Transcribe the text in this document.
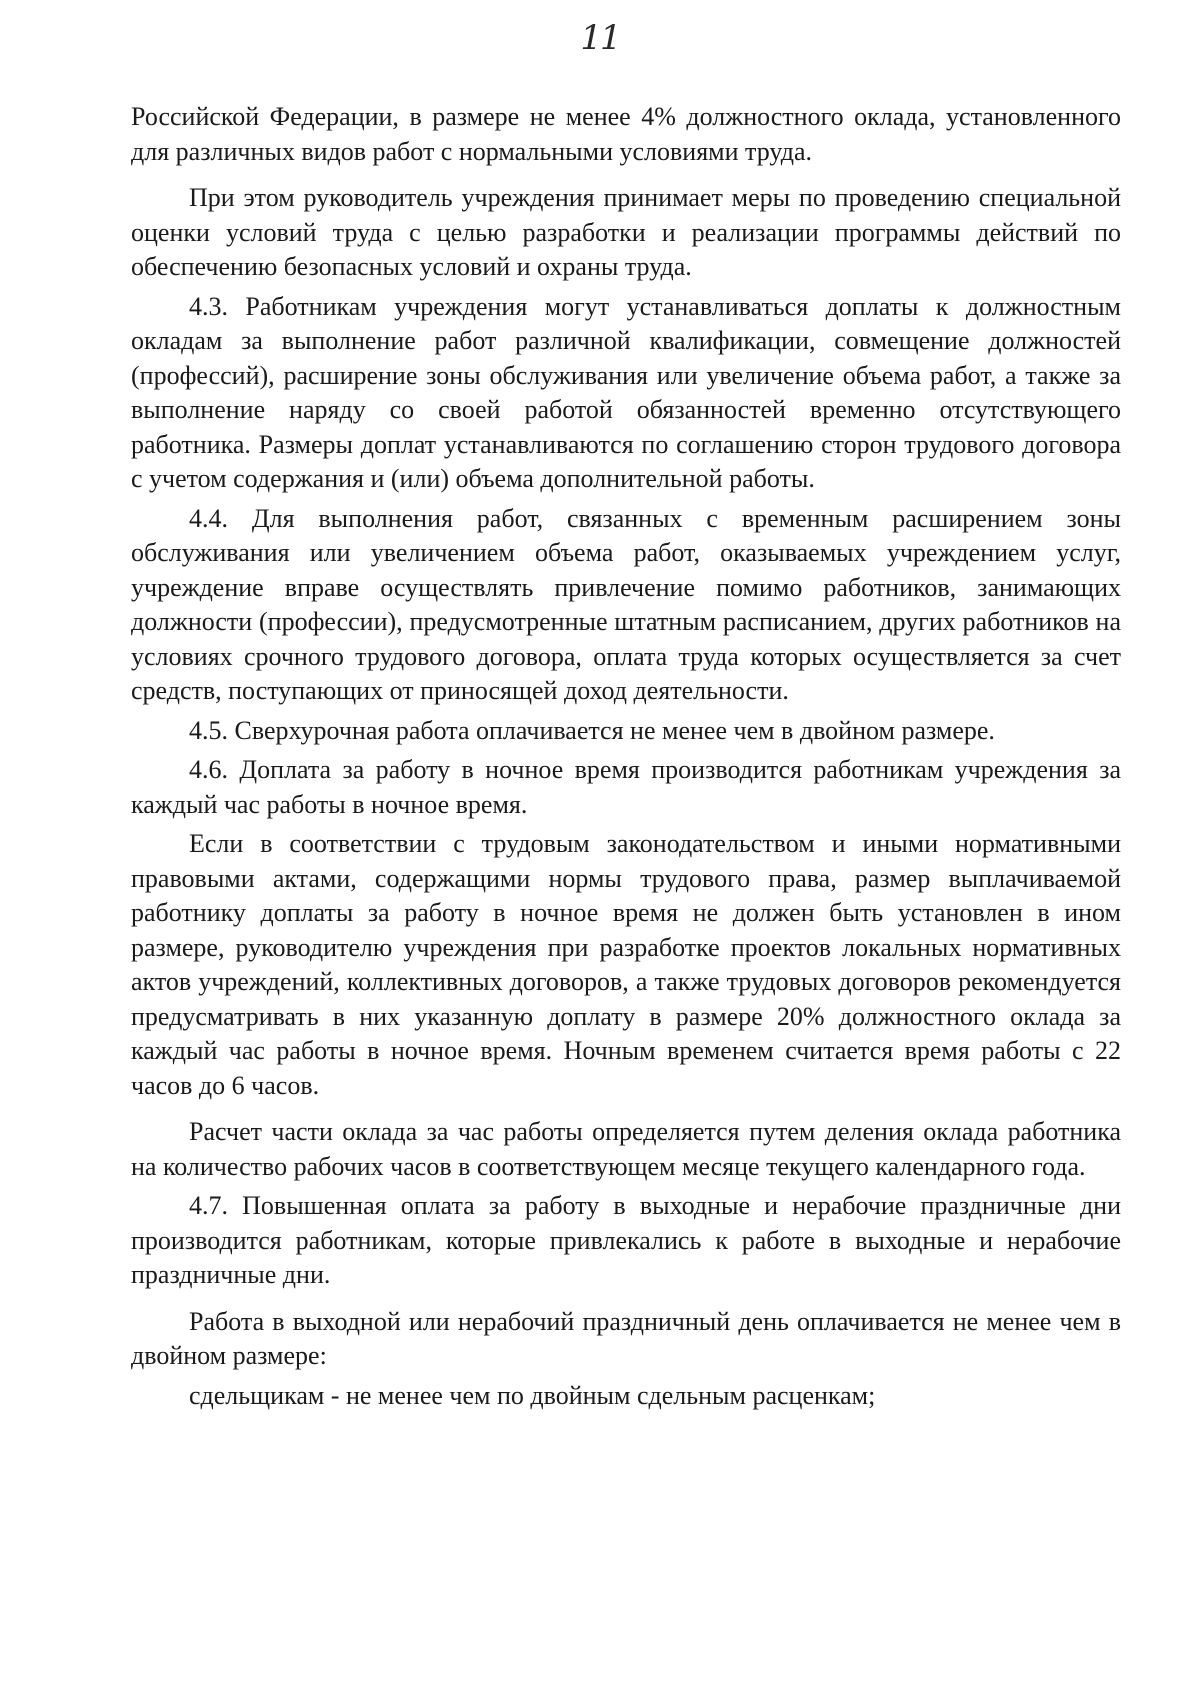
11

Российской Федерации, в размере не менее 4% должностного оклада, установленного для различных видов работ с нормальными условиями труда.

При этом руководитель учреждения принимает меры по проведению специальной оценки условий труда с целью разработки и реализации программы действий по обеспечению безопасных условий и охраны труда.

4.3. Работникам учреждения могут устанавливаться доплаты к должностным окладам за выполнение работ различной квалификации, совмещение должностей (профессий), расширение зоны обслуживания или увеличение объема работ, а также за выполнение наряду со своей работой обязанностей временно отсутствующего работника. Размеры доплат устанавливаются по соглашению сторон трудового договора с учетом содержания и (или) объема дополнительной работы.

4.4. Для выполнения работ, связанных с временным расширением зоны обслуживания или увеличением объема работ, оказываемых учреждением услуг, учреждение вправе осуществлять привлечение помимо работников, занимающих должности (профессии), предусмотренные штатным расписанием, других работников на условиях срочного трудового договора, оплата труда которых осуществляется за счет средств, поступающих от приносящей доход деятельности.

4.5. Сверхурочная работа оплачивается не менее чем в двойном размере.

4.6. Доплата за работу в ночное время производится работникам учреждения за каждый час работы в ночное время.

Если в соответствии с трудовым законодательством и иными нормативными правовыми актами, содержащими нормы трудового права, размер выплачиваемой работнику доплаты за работу в ночное время не должен быть установлен в ином размере, руководителю учреждения при разработке проектов локальных нормативных актов учреждений, коллективных договоров, а также трудовых договоров рекомендуется предусматривать в них указанную доплату в размере 20% должностного оклада за каждый час работы в ночное время. Ночным временем считается время работы с 22 часов до 6 часов.

Расчет части оклада за час работы определяется путем деления оклада работника на количество рабочих часов в соответствующем месяце текущего календарного года.

4.7. Повышенная оплата за работу в выходные и нерабочие праздничные дни производится работникам, которые привлекались к работе в выходные и нерабочие праздничные дни.

Работа в выходной или нерабочий праздничный день оплачивается не менее чем в двойном размере:

сдельщикам - не менее чем по двойным сдельным расценкам;
